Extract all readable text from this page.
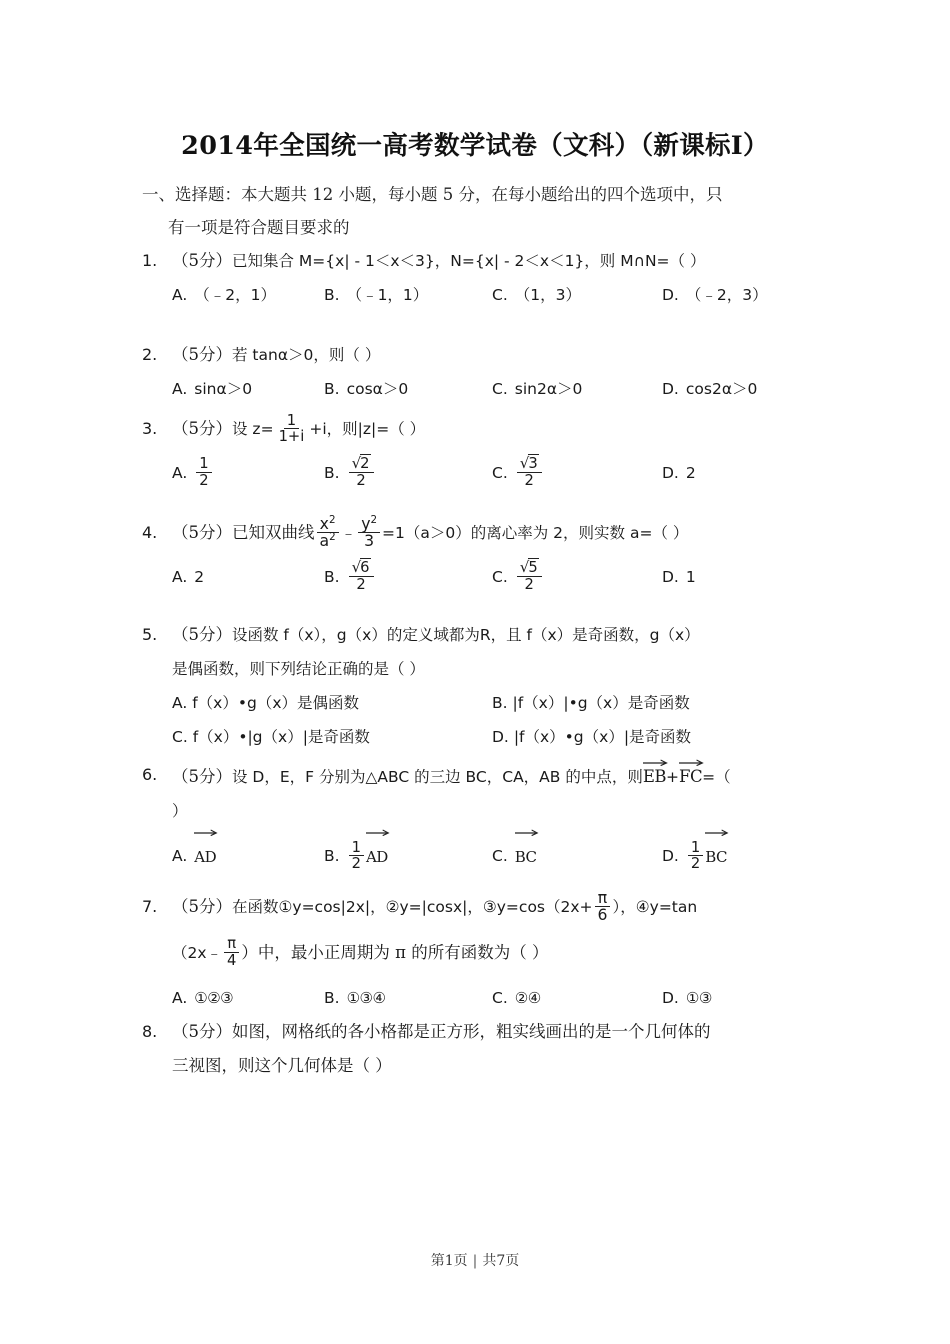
2014年全国统一高考数学试卷（文科）（新课标Ⅰ）
一、选择题：本大题共 12 小题，每小题 5 分，在每小题给出的四个选项中，只
有一项是符合题目要求的
1. （5分）已知集合 M={x| - 1＜x＜3}，N={x| - 2＜x＜1}，则 M∩N=（ ）
A. （﹣2，1）	B. （﹣1，1）	C. （1，3）	D. （﹣2，3）
2. （5分）若 tanα＞0，则（ ）
A. sinα＞0	B. cosα＞0	C. sin2α＞0	D. cos2α＞0
3. （5分）设 $z= \frac{1}{1+i} +i$，则|z|=（ ）
A. $\frac{1}{2}$	B. $\frac{√2}{2}$	C. $\frac{√3}{2}$	D. 2
4. （5分）已知双曲线 $\frac{x^2}{a^2}$ ﹣ $\frac{y^2}{3} =1(a>0)$的离心率为 2，则实数 a=（ ）
A. 2	B. $\frac{√6}{2}$	C. $\frac{√5}{2}$	D. 1
5. （5分）设函数 f（x），g（x）的定义域都为R，且 f（x）是奇函数，g（x）
是偶函数，则下列结论正确的是（ ）
A. f（x）•g（x）是偶函数	B. |f（x）|•g（x）是奇函数
C. f（x）•|g（x）|是奇函数	D. |f（x）•g（x）|是奇函数
6. （5分）设 D，E，F 分别为△ABC 的三边 BC，CA，AB 的中点，则
EB+
FC=（
）
A. AD	B. $\frac{1}{2}$ AD	C. BC	D. $\frac{1}{2}$ BC
7. （5分）在函数①y=cos|2x|，②y=|cosx|，③y=cos（2x+ $\frac{\pi}{6}$ ），④y=tan
（2x﹣ $\frac{\pi}{4}$ ）中，最小正周期为 π 的所有函数为（ ）
A. ①②③	B. ①③④	C. ②④	D. ①③
8. （5分）如图，网格纸的各小格都是正方形，粗实线画出的是一个几何体的
三视图，则这个几何体是（ ）
第1页 | 共7页
